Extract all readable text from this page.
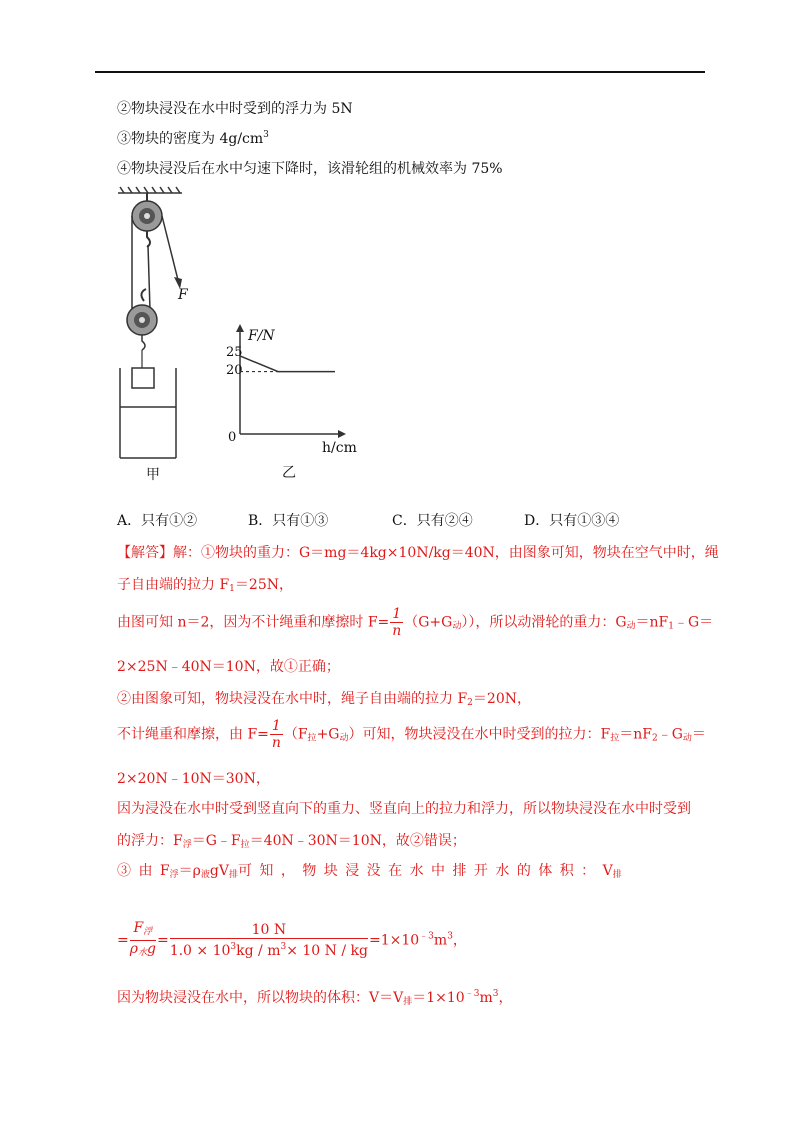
②物块浸没在水中时受到的浮力为 5N
③物块的密度为 $4g/cm^3$
④物块浸没后在水中匀速下降时，该滑轮组的机械效率为 75%
F
甲
F/N
h/cm
25
20
0
乙
A．只有①②	B．只有①③	C．只有②④	D．只有①③④
【解答】解：①物块的重力：G＝mg＝4kg×10N/kg＝40N，由图象可知，物块在空气中时，绳
子自由端的拉力 $F_1=25N$，
由图可知 n＝2，因为不计绳重和摩擦时 $F= \frac{1}{n} (G+G_动)$），所以动滑轮的重力：$G_动=nF_1﹣G=$
2×25N﹣40N＝10N，故①正确；
②由图象可知，物块浸没在水中时，绳子自由端的拉力 $F_2=20N$，
不计绳重和摩擦，由 $F= \frac{1}{n} (F_拉+G_动)$可知，物块浸没在水中时受到的拉力：$F_拉=nF_2﹣G_动=$
2×20N﹣10N＝30N，
因为浸没在水中时受到竖直向下的重力、竖直向上的拉力和浮力，所以物块浸没在水中时受到
的浮力：$F_浮=G﹣F_拉=40N﹣30N=10N$，故②错误；
③ 由 $F_浮=\rho_液gV_排$可 知 ， 物 块 浸 没 在 水 中 排 开 水 的 体 积 ： $V_排$
= $\frac{F_浮}{\rho_水g} = \frac{10 N}{1.0 \times 10^3kg / m^3\times 10 N / kg} =1\times 10^{﹣3}m^3$，
因为物块浸没在水中，所以物块的体积：$V=V_排=1\times 10^{﹣3}m^3$，
